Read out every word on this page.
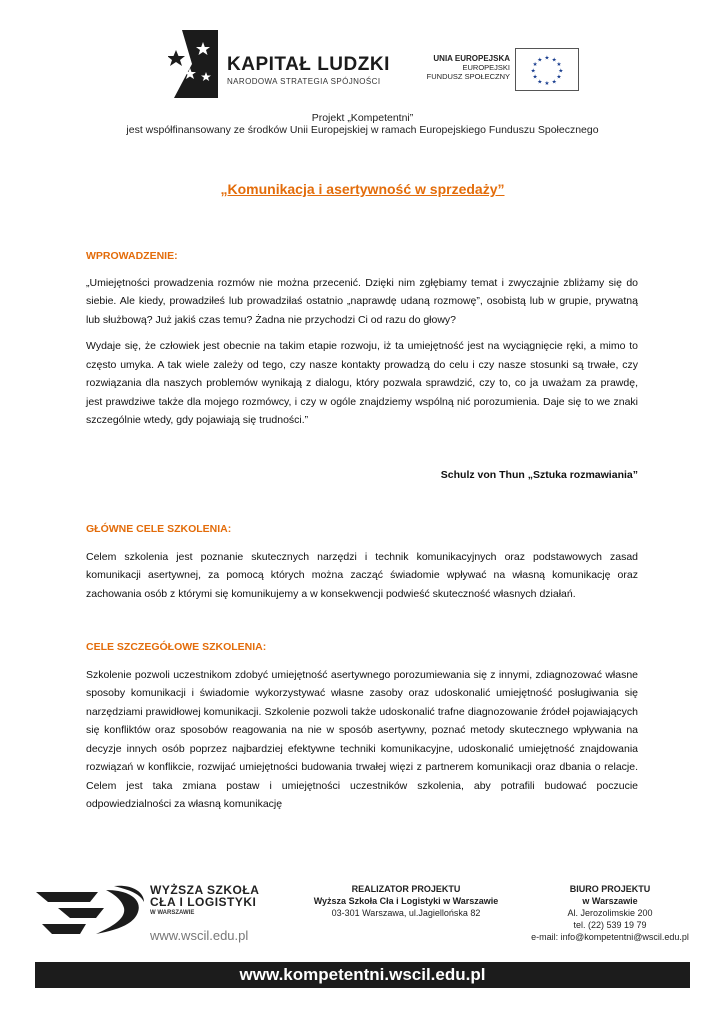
KAPITAŁ LUDZKI
NARODOWA STRATEGIA SPÓJNOŚCI
UNIA EUROPEJSKA
EUROPEJSKI
FUNDUSZ SPOŁECZNY
★ ★
★
★
★
★
★
★
★
★
★
★
Projekt „Kompetentni”
jest współfinansowany ze środków Unii Europejskiej w ramach Europejskiego Funduszu Społecznego
„Komunikacja i asertywność w sprzedaży”
WPROWADZENIE:

„Umiejętności prowadzenia rozmów nie można przecenić. Dzięki nim zgłębiamy temat i zwyczajnie zbliżamy się do siebie. Ale kiedy, prowadziłeś lub prowadziłaś ostatnio „naprawdę udaną rozmowę”, osobistą lub w grupie, prywatną lub służbową? Już jakiś czas temu? Żadna nie przychodzi Ci od razu do głowy?

Wydaje się, że człowiek jest obecnie na takim etapie rozwoju, iż ta umiejętność jest na wyciągnięcie ręki, a mimo to często umyka. A tak wiele zależy od tego, czy nasze kontakty prowadzą do celu i czy nasze stosunki są trwałe, czy rozwiązania dla naszych problemów wynikają z dialogu, który pozwala sprawdzić, czy to, co ja uważam za prawdę, jest prawdziwe także dla mojego rozmówcy, i czy w ogóle znajdziemy wspólną nić porozumienia. Daje się to we znaki szczególnie wtedy, gdy pojawiają się trudności.”

Schulz von Thun „Sztuka rozmawiania”

GŁÓWNE CELE SZKOLENIA:

Celem szkolenia jest poznanie skutecznych narzędzi i technik komunikacyjnych oraz podstawowych zasad komunikacji asertywnej, za pomocą których można zacząć świadomie wpływać na własną komunikację oraz zachowania osób z którymi się komunikujemy a w konsekwencji podwieść skuteczność własnych działań.

CELE SZCZEGÓŁOWE SZKOLENIA:

Szkolenie pozwoli uczestnikom zdobyć umiejętność asertywnego porozumiewania się z innymi, zdiagnozować własne sposoby komunikacji i świadomie wykorzystywać własne zasoby oraz udoskonalić umiejętność posługiwania się narzędziami prawidłowej komunikacji. Szkolenie pozwoli także udoskonalić trafne diagnozowanie źródeł pojawiających się konfliktów oraz sposobów reagowania na nie w sposób asertywny, poznać metody skutecznego wpływania na decyzje innych osób poprzez najbardziej efektywne techniki komunikacyjne, udoskonalić umiejętność znajdowania rozwiązań w konflikcie, rozwijać umiejętności budowania trwałej więzi z partnerem komunikacji oraz dbania o relacje. Celem jest taka zmiana postaw i umiejętności uczestników szkolenia, aby potrafili budować poczucie odpowiedzialności za własną komunikację

WYŻSZA SZKOŁA
CŁA I LOGISTYKI
W WARSZAWIE
www.wscil.edu.pl
REALIZATOR PROJEKTU
Wyższa Szkoła Cła i Logistyki w Warszawie
03-301 Warszawa, ul.Jagiellońska 82
BIURO PROJEKTU
w Warszawie
Al. Jerozolimskie 200
tel. (22) 539 19 79
e-mail: info@kompetentni@wscil.edu.pl
www.kompetentni.wscil.edu.pl
